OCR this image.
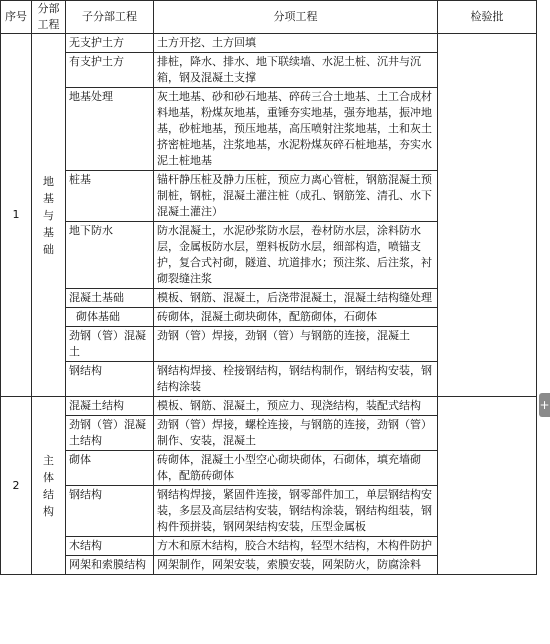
序号	分部工程	子分部工程	分项工程	检验批
1	地基与基础	无支护土方	土方开挖、土方回填	
		有支护土方	排桩，降水、排水、地下联续墙、水泥土桩、沉井与沉箱，钢及混凝土支撑	
		地基处理	灰土地基、砂和砂石地基、碎砖三合土地基、土工合成材料地基，粉煤灰地基，重锤夯实地基，强夯地基，振冲地基，砂桩地基，预压地基，高压喷射注浆地基，土和灰土挤密桩地基，注浆地基，水泥粉煤灰碎石桩地基，夯实水泥土桩地基	
		桩基	锚杆静压桩及静力压桩，预应力离心管桩，钢筋混凝土预制桩，钢桩，混凝土灌注桩（成孔、钢筋笼、清孔、水下混凝土灌注）	
		地下防水	防水混凝土，水泥砂浆防水层，卷材防水层，涂料防水层，金属板防水层，塑料板防水层，细部构造，喷锚支护，复合式衬砌，隧道、坑道排水；预注浆、后注浆，衬砌裂缝注浆	
		混凝土基础	模板、钢筋、混凝土，后浇带混凝土，混凝土结构缝处理	
		砌体基础	砖砌体，混凝土砌块砌体，配筋砌体，石砌体	
		劲钢（管）混凝土	劲钢（管）焊接，劲钢（管）与钢筋的连接，混凝土	
		钢结构	钢结构焊接、栓接钢结构，钢结构制作，钢结构安装，钢结构涂装	
2	主体结构	混凝土结构	模板、钢筋、混凝土，预应力、现浇结构，装配式结构	
		劲钢（管）混凝土结构	劲钢（管）焊接，螺栓连接，与钢筋的连接，劲钢（管）制作、安装，混凝土	
		砌体	砖砌体，混凝土小型空心砌块砌体，石砌体，填充墙砌体，配筋砖砌体	
		钢结构	钢结构焊接，紧固件连接，钢零部件加工，单层钢结构安装，多层及高层结构安装，钢结构涂装，钢结构组装，钢构件预拼装，钢网架结构安装，压型金属板	
		木结构	方木和原木结构，胶合木结构，轻型木结构，木构件防护	
		网架和索膜结构	网架制作，网架安装，索膜安装，网架防火，防腐涂料	
+
